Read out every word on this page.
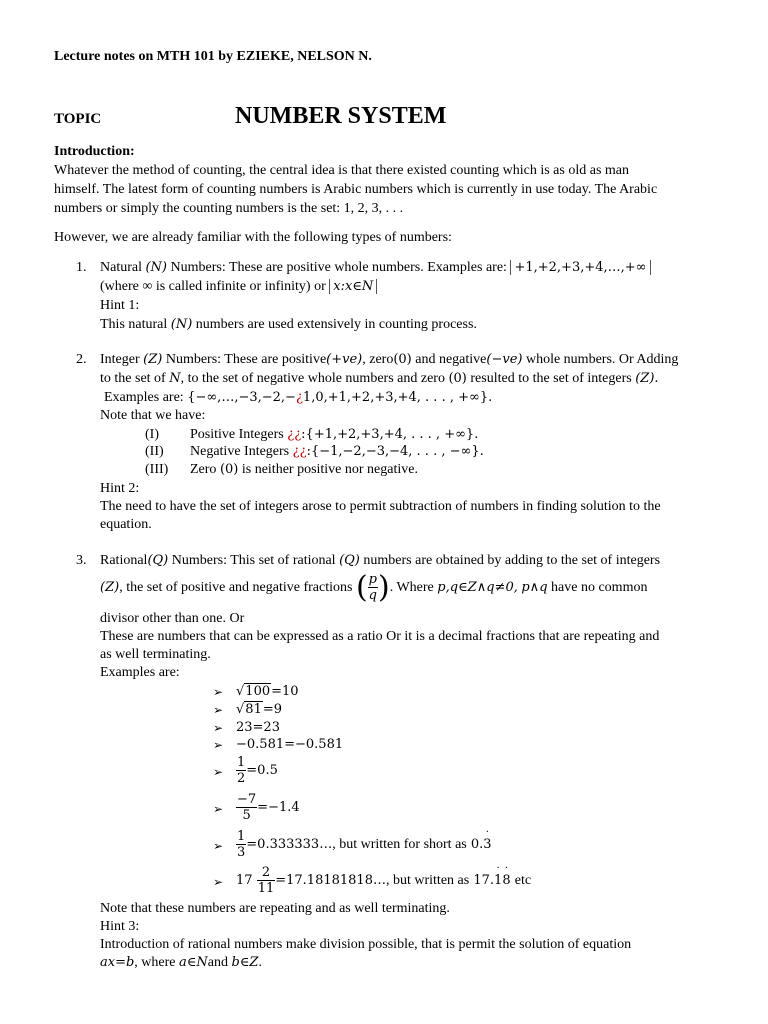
Lecture notes on MTH 101 by EZIEKE, NELSON N.
TOPIC	NUMBER SYSTEM
Introduction:
Whatever the method of counting, the central idea is that there existed counting which is as old as man
himself. The latest form of counting numbers is Arabic numbers which is currently in use today. The Arabic
numbers or simply the counting numbers is the set: 1, 2, 3, . . .
However, we are already familiar with the following types of numbers:
1. Natural (N) Numbers: These are positive whole numbers. Examples are: +1,+2,+3,+4,…,+∞
(where ∞ is called infinite or infinity) or x:x∈N
Hint 1:
This natural (N) numbers are used extensively in counting process.
2. Integer (Z) Numbers: These are positive(+ve), zero(0) and negative(−ve) whole numbers. Or Adding
to the set of N, to the set of negative whole numbers and zero (0) resulted to the set of integers (Z).
Examples are: {−∞,…,−3,−2,−¿1,0,+1,+2,+3,+4, . . . , +∞}.
Note that we have:
(I) Positive Integers ¿¿:{+1,+2,+3,+4, . . . , +∞}.
(II) Negative Integers ¿¿:{−1,−2,−3,−4, . . . , −∞}.
(III) Zero (0) is neither positive nor negative.
Hint 2:
The need to have the set of integers arose to permit subtraction of numbers in finding solution to the
equation.
3. Rational(Q) Numbers: This set of rational (Q) numbers are obtained by adding to the set of integers
(Z), the set of positive and negative fractions ( $\frac{p}{q}$ ). Where p,q∈Z∧q≠0, p∧q have no common
divisor other than one. Or
These are numbers that can be expressed as a ratio Or it is a decimal fractions that are repeating and
as well terminating.
Examples are:
➢ √100=10
➢ √81=9
➢ 23=23
➢ −0.581=−0.581
➢ $\frac{1}{2} =0.5$
➢ $\frac{-7}{5} =-1.4$
➢ $\frac{1}{3}$ =0.333333…, but written for short as 0.3 ˙
➢ $17 \frac{2}{11}$ =17.18181818…, but written as 17.1 ˙8 ˙ etc
Note that these numbers are repeating and as well terminating.
Hint 3:
Introduction of rational numbers make division possible, that is permit the solution of equation
ax=b, where a∈Nand b∈Z.
